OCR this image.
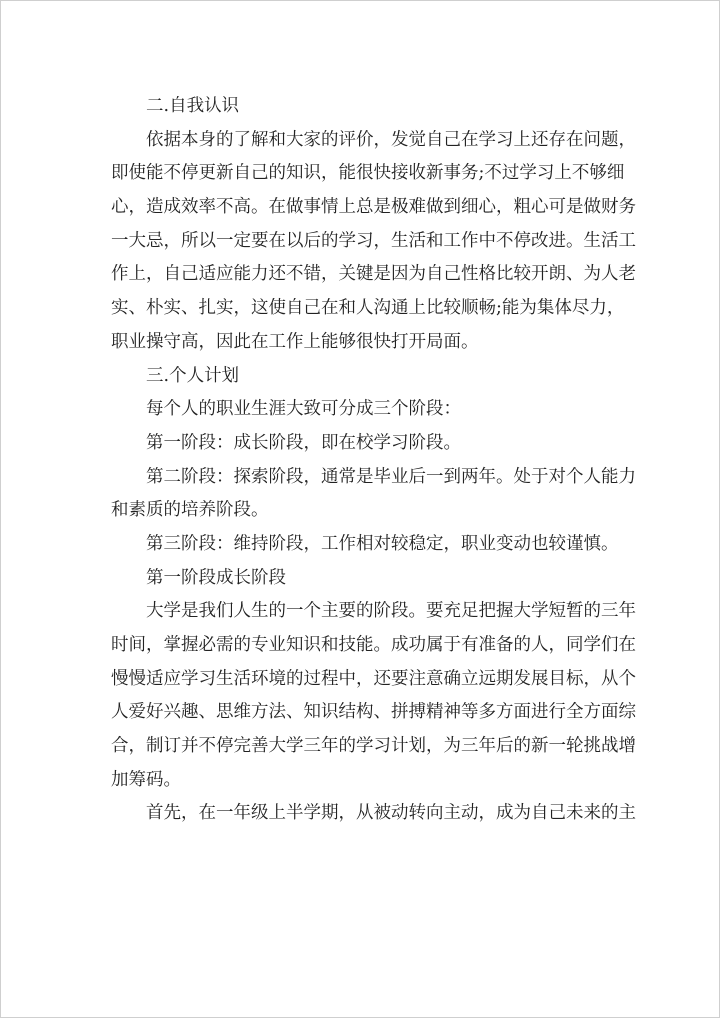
二.自我认识
依据本身的了解和大家的评价，发觉自己在学习上还存在问题，
即使能不停更新自己的知识，能很快接收新事务;不过学习上不够细
心，造成效率不高。在做事情上总是极难做到细心，粗心可是做财务
一大忌，所以一定要在以后的学习，生活和工作中不停改进。生活工
作上，自己适应能力还不错，关键是因为自己性格比较开朗、为人老
实、朴实、扎实，这使自己在和人沟通上比较顺畅;能为集体尽力，
职业操守高，因此在工作上能够很快打开局面。
三.个人计划
每个人的职业生涯大致可分成三个阶段：
第一阶段：成长阶段，即在校学习阶段。
第二阶段：探索阶段，通常是毕业后一到两年。处于对个人能力
和素质的培养阶段。
第三阶段：维持阶段，工作相对较稳定，职业变动也较谨慎。
第一阶段成长阶段
大学是我们人生的一个主要的阶段。要充足把握大学短暂的三年
时间，掌握必需的专业知识和技能。成功属于有准备的人，同学们在
慢慢适应学习生活环境的过程中，还要注意确立远期发展目标，从个
人爱好兴趣、思维方法、知识结构、拼搏精神等多方面进行全方面综
合，制订并不停完善大学三年的学习计划，为三年后的新一轮挑战增
加筹码。
首先，在一年级上半学期，从被动转向主动，成为自己未来的主
